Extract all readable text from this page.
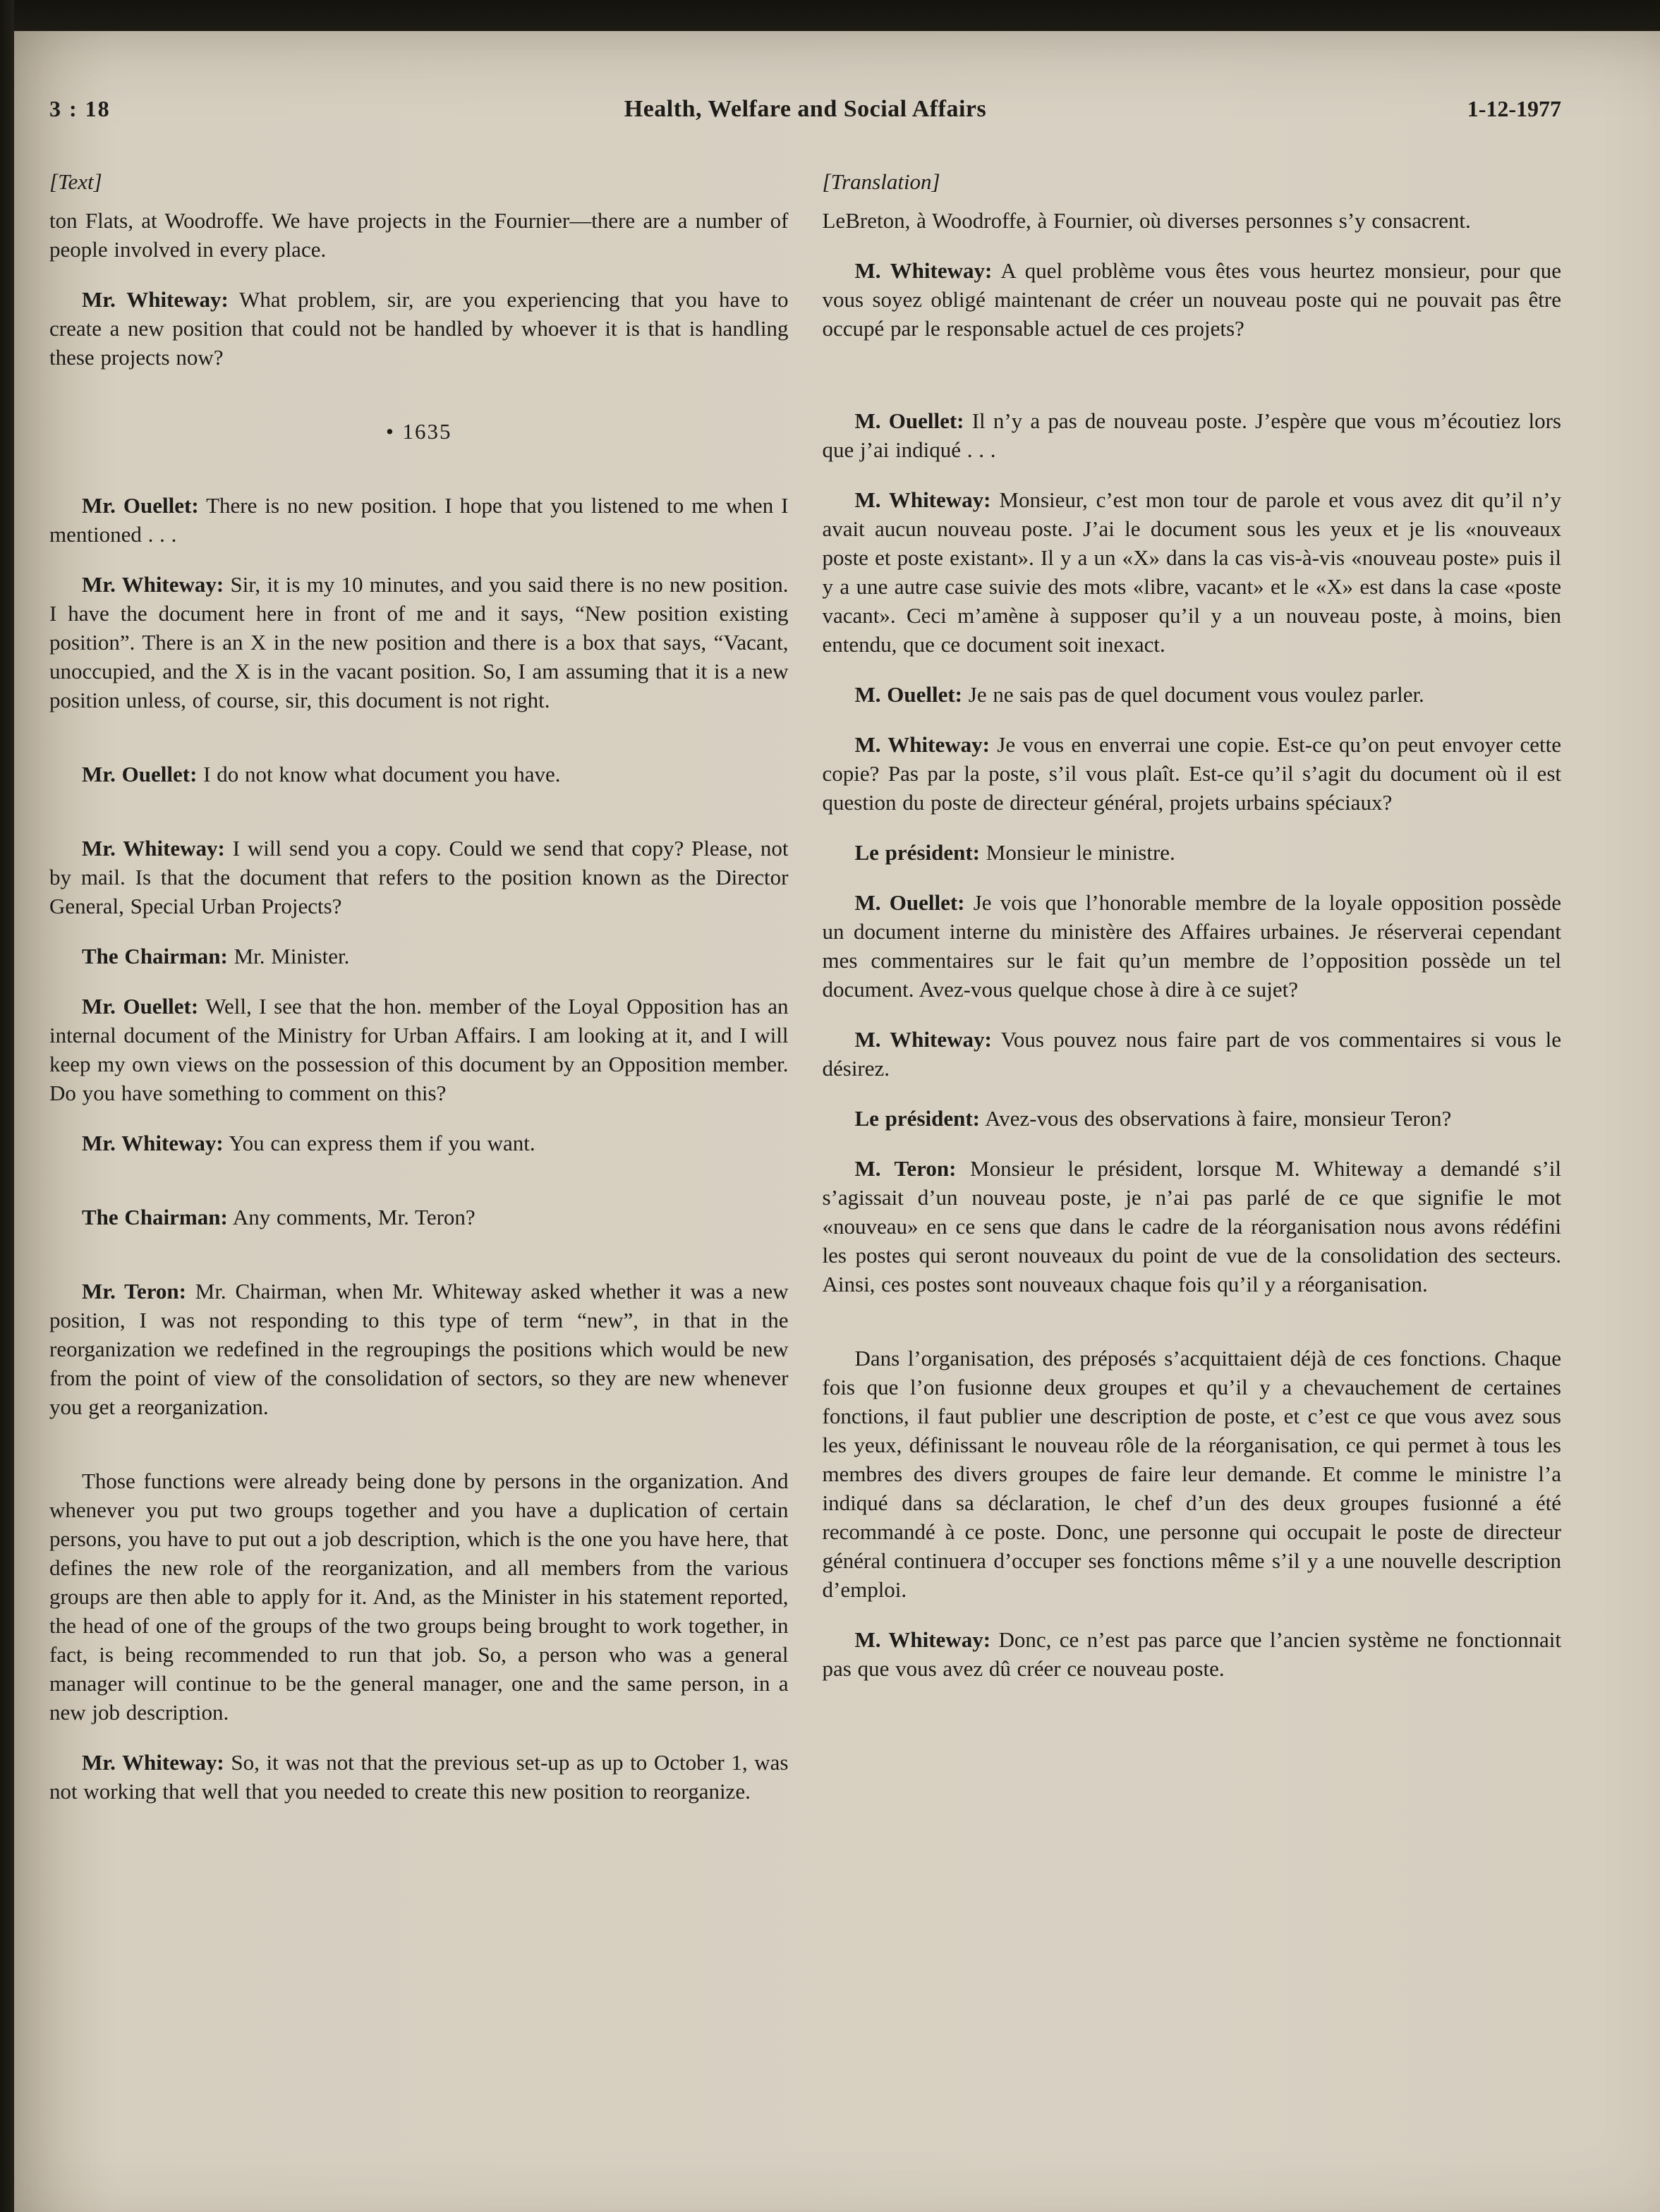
3 : 18	Health, Welfare and Social Affairs	1-12-1977
[Text]

ton Flats, at Woodroffe. We have projects in the Fournier—there are a number of people involved in every place.

Mr. Whiteway: What problem, sir, are you experiencing that you have to create a new position that could not be handled by whoever it is that is handling these projects now?

• 1635

Mr. Ouellet: There is no new position. I hope that you listened to me when I mentioned . . .

Mr. Whiteway: Sir, it is my 10 minutes, and you said there is no new position. I have the document here in front of me and it says, “New position existing position”. There is an X in the new position and there is a box that says, “Vacant, unoccupied, and the X is in the vacant position. So, I am assuming that it is a new position unless, of course, sir, this document is not right.

Mr. Ouellet: I do not know what document you have.

Mr. Whiteway: I will send you a copy. Could we send that copy? Please, not by mail. Is that the document that refers to the position known as the Director General, Special Urban Projects?

The Chairman: Mr. Minister.

Mr. Ouellet: Well, I see that the hon. member of the Loyal Opposition has an internal document of the Ministry for Urban Affairs. I am looking at it, and I will keep my own views on the possession of this document by an Opposition member. Do you have something to comment on this?

Mr. Whiteway: You can express them if you want.

The Chairman: Any comments, Mr. Teron?

Mr. Teron: Mr. Chairman, when Mr. Whiteway asked whether it was a new position, I was not responding to this type of term “new”, in that in the reorganization we redefined in the regroupings the positions which would be new from the point of view of the consolidation of sectors, so they are new whenever you get a reorganization.

Those functions were already being done by persons in the organization. And whenever you put two groups together and you have a duplication of certain persons, you have to put out a job description, which is the one you have here, that defines the new role of the reorganization, and all members from the various groups are then able to apply for it. And, as the Minister in his statement reported, the head of one of the groups of the two groups being brought to work together, in fact, is being recommended to run that job. So, a person who was a general manager will continue to be the general manager, one and the same person, in a new job description.

Mr. Whiteway: So, it was not that the previous set-up as up to October 1, was not working that well that you needed to create this new position to reorganize.

[Translation]

LeBreton, à Woodroffe, à Fournier, où diverses personnes s’y consacrent.

M. Whiteway: A quel problème vous êtes vous heurtez monsieur, pour que vous soyez obligé maintenant de créer un nouveau poste qui ne pouvait pas être occupé par le responsable actuel de ces projets?

M. Ouellet: Il n’y a pas de nouveau poste. J’espère que vous m’écoutiez lors que j’ai indiqué . . .

M. Whiteway: Monsieur, c’est mon tour de parole et vous avez dit qu’il n’y avait aucun nouveau poste. J’ai le document sous les yeux et je lis «nouveaux poste et poste existant». Il y a un «X» dans la cas vis-à-vis «nouveau poste» puis il y a une autre case suivie des mots «libre, vacant» et le «X» est dans la case «poste vacant». Ceci m’amène à supposer qu’il y a un nouveau poste, à moins, bien entendu, que ce document soit inexact.

M. Ouellet: Je ne sais pas de quel document vous voulez parler.

M. Whiteway: Je vous en enverrai une copie. Est-ce qu’on peut envoyer cette copie? Pas par la poste, s’il vous plaît. Est-ce qu’il s’agit du document où il est question du poste de directeur général, projets urbains spéciaux?

Le président: Monsieur le ministre.

M. Ouellet: Je vois que l’honorable membre de la loyale opposition possède un document interne du ministère des Affaires urbaines. Je réserverai cependant mes commentaires sur le fait qu’un membre de l’opposition possède un tel document. Avez-vous quelque chose à dire à ce sujet?

M. Whiteway: Vous pouvez nous faire part de vos commentaires si vous le désirez.

Le président: Avez-vous des observations à faire, monsieur Teron?

M. Teron: Monsieur le président, lorsque M. Whiteway a demandé s’il s’agissait d’un nouveau poste, je n’ai pas parlé de ce que signifie le mot «nouveau» en ce sens que dans le cadre de la réorganisation nous avons rédéfini les postes qui seront nouveaux du point de vue de la consolidation des secteurs. Ainsi, ces postes sont nouveaux chaque fois qu’il y a réorganisation.

Dans l’organisation, des préposés s’acquittaient déjà de ces fonctions. Chaque fois que l’on fusionne deux groupes et qu’il y a chevauchement de certaines fonctions, il faut publier une description de poste, et c’est ce que vous avez sous les yeux, définissant le nouveau rôle de la réorganisation, ce qui permet à tous les membres des divers groupes de faire leur demande. Et comme le ministre l’a indiqué dans sa déclaration, le chef d’un des deux groupes fusionné a été recommandé à ce poste. Donc, une personne qui occupait le poste de directeur général continuera d’occuper ses fonctions même s’il y a une nouvelle description d’emploi.

M. Whiteway: Donc, ce n’est pas parce que l’ancien système ne fonctionnait pas que vous avez dû créer ce nouveau poste.
